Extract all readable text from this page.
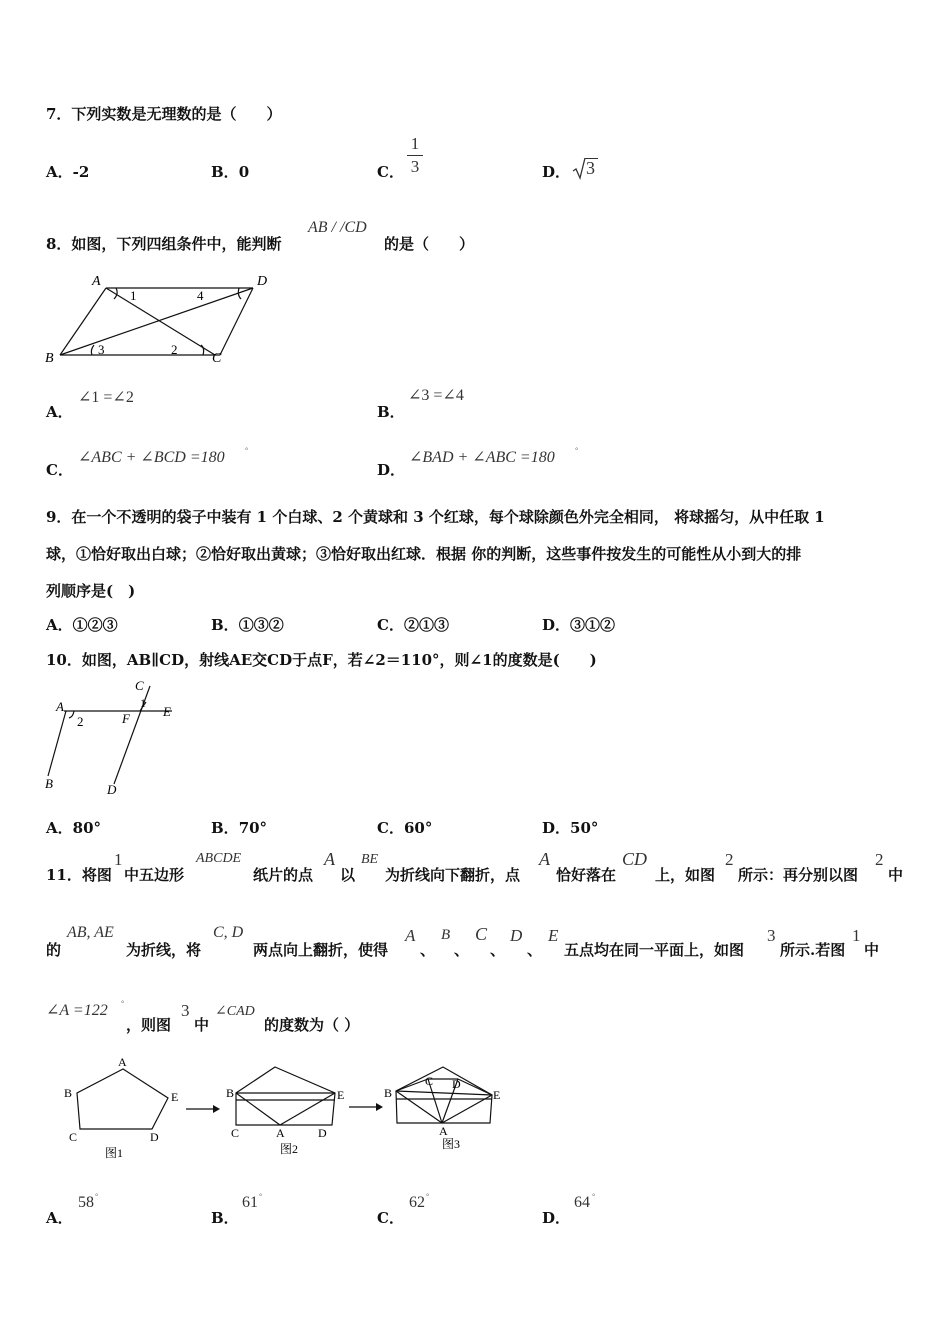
7．下列实数是无理数的是（　　）
A．-2	B．0	C．
1
3	D． 3
8．如图，下列四组条件中，能判断
AB / /CD
的是（　　）
A	D
B	C
1	4
3	2
A．
∠1 =∠2
B．
∠3 =∠4
C．
∠ABC + ∠BCD =180	°
D．
∠BAD + ∠ABC =180	°
9．在一个不透明的袋子中装有 1 个白球、2 个黄球和 3 个红球，每个球除颜色外完全相同， 将球摇匀，从中任取 1
球，①恰好取出白球；②恰好取出黄球；③恰好取出红球．根据 你的判断，这些事件按发生的可能性从小到大的排
列顺序是(　)
A．①②③	B．①③②	C．②①③	D．③①②
10．如图，AB∥CD，射线AE交CD于点F，若∠2＝110°，则∠1的度数是(　　)
A
2
C
1
F	E
B	D
A．80°	B．70°	C．60°	D．50°
11．将图
1
中五边形
ABCDE
纸片的点
A
以
BE
为折线向下翻折，点
A
恰好落在
CD
上，如图
2
所示：再分别以图
2
中
的
AB, AE
为折线，将
C, D
两点向上翻折，使得
A
、
B
、
C
、
D
、
E
五点均在同一平面上，如图
3
所示.若图
1
中
∠A =122 °
，则图
3
中
∠CAD
的度数为（ ）
A
B	E
C	D
图1
B	E
C	A	D
图2
C D
B	E
A
图3
A．
58 °
B．
61 °
C．
62 °
D．
64 °
